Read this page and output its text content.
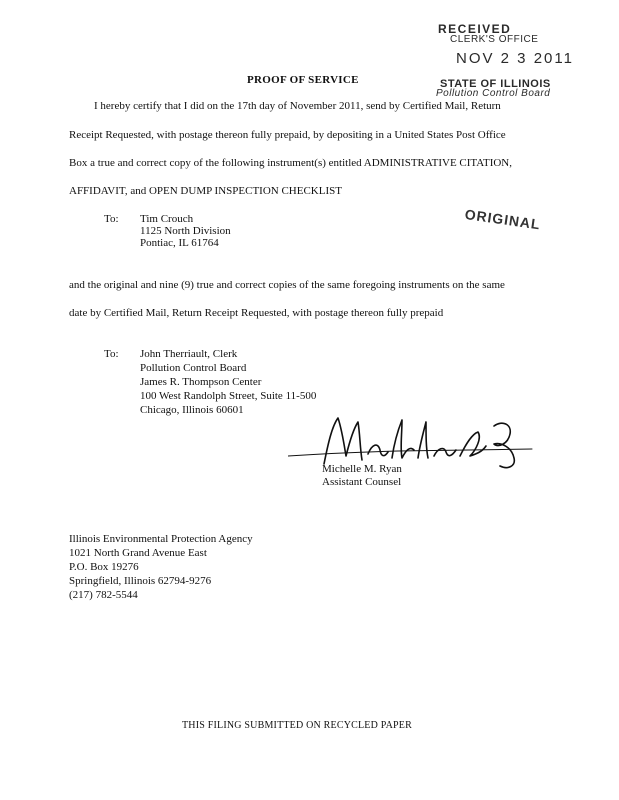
RECEIVED
CLERK'S OFFICE
NOV 2 3 2011
STATE OF ILLINOIS
Pollution Control Board
PROOF OF SERVICE
I hereby certify that I did on the 17th day of November 2011, send by Certified Mail, Return
Receipt Requested, with postage thereon fully prepaid, by depositing in a United States Post Office
Box a true and correct copy of the following instrument(s) entitled ADMINISTRATIVE CITATION,
AFFIDAVIT, and OPEN DUMP INSPECTION CHECKLIST
To: Tim Crouch
1125 North Division
Pontiac, IL 61764
ORIGINAL
and the original and nine (9) true and correct copies of the same foregoing instruments on the same
date by Certified Mail, Return Receipt Requested, with postage thereon fully prepaid
To: John Therriault, Clerk
Pollution Control Board
James R. Thompson Center
100 West Randolph Street, Suite 11-500
Chicago, Illinois 60601
Michelle M. Ryan
Assistant Counsel
Illinois Environmental Protection Agency
1021 North Grand Avenue East
P.O. Box 19276
Springfield, Illinois 62794-9276
(217) 782-5544
THIS FILING SUBMITTED ON RECYCLED PAPER
